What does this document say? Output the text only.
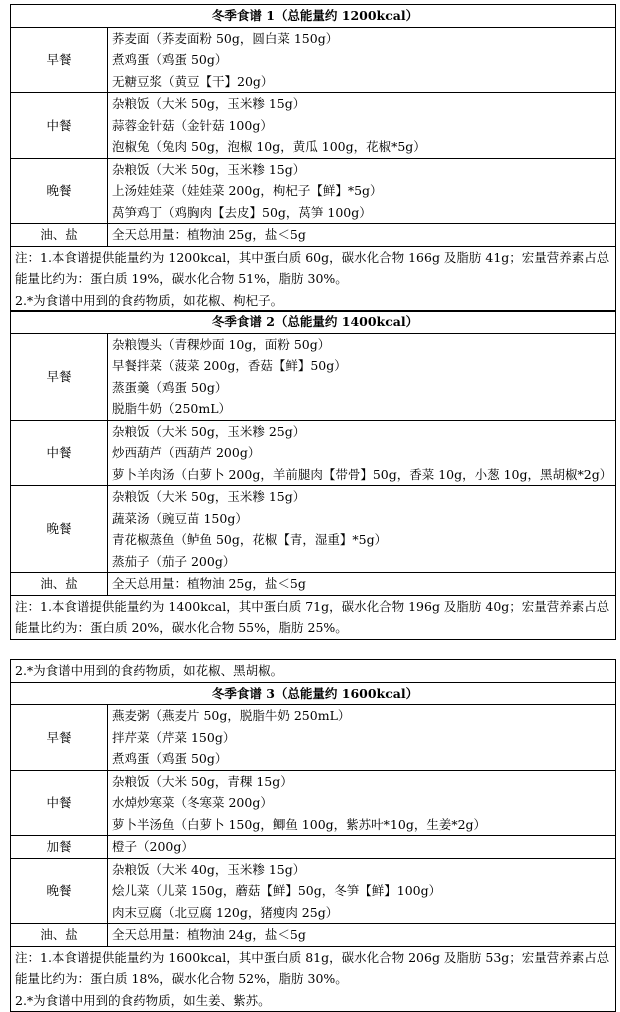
冬季食谱 1（总能量约 1200kcal）	
早餐	荞麦面（荞麦面粉 50g，圆白菜 150g）
煮鸡蛋（鸡蛋 50g）
无糖豆浆（黄豆【干】20g）

中餐	杂粮饭（大米 50g，玉米糁 15g）
蒜蓉金针菇（金针菇 100g）
泡椒兔（兔肉 50g，泡椒 10g，黄瓜 100g，花椒*5g）

晚餐	杂粮饭（大米 50g，玉米糁 15g）
上汤娃娃菜（娃娃菜 200g，枸杞子【鲜】*5g）
莴笋鸡丁（鸡胸肉【去皮】50g，莴笋 100g）

油、盐	全天总用量：植物油 25g，盐＜5g

注：1.本食谱提供能量约为 1200kcal，其中蛋白质 60g，碳水化合物 166g 及脂肪 41g；宏量营养素占总能量比约为：蛋白质 19%，碳水化合物 51%，脂肪 30%。
2.*为食谱中用到的食药物质，如花椒、枸杞子。	
冬季食谱 2（总能量约 1400kcal）	
早餐	杂粮馒头（青稞炒面 10g，面粉 50g）
早餐拌菜（菠菜 200g，香菇【鲜】50g）
蒸蛋羹（鸡蛋 50g）
脱脂牛奶（250mL）

中餐	杂粮饭（大米 50g，玉米糁 25g）
炒西葫芦（西葫芦 200g）
萝卜羊肉汤（白萝卜 200g，羊前腿肉【带骨】50g，香菜 10g，小葱 10g，黑胡椒*2g）

晚餐	杂粮饭（大米 50g，玉米糁 15g）
蔬菜汤（豌豆苗 150g）
青花椒蒸鱼（鲈鱼 50g，花椒【青，湿重】*5g）
蒸茄子（茄子 200g）

油、盐	全天总用量：植物油 25g，盐＜5g

注：1.本食谱提供能量约为 1400kcal，其中蛋白质 71g，碳水化合物 196g 及脂肪 40g；宏量营养素占总能量比约为：蛋白质 20%，碳水化合物 55%，脂肪 25%。	
2.*为食谱中用到的食药物质，如花椒、黑胡椒。	

冬季食谱 3（总能量约 1600kcal）	
早餐	燕麦粥（燕麦片 50g，脱脂牛奶 250mL）
拌芹菜（芹菜 150g）
煮鸡蛋（鸡蛋 50g）

中餐	杂粮饭（大米 50g，青稞 15g）
水焯炒寒菜（冬寒菜 200g）
萝卜半汤鱼（白萝卜 150g，鲫鱼 100g，紫苏叶*10g，生姜*2g）

加餐	橙子（200g）

晚餐	杂粮饭（大米 40g，玉米糁 15g）
烩儿菜（儿菜 150g，蘑菇【鲜】50g，冬笋【鲜】100g）
肉末豆腐（北豆腐 120g，猪瘦肉 25g）

油、盐	全天总用量：植物油 24g，盐＜5g

注：1.本食谱提供能量约为 1600kcal，其中蛋白质 81g，碳水化合物 206g 及脂肪 53g；宏量营养素占总能量比约为：蛋白质 18%，碳水化合物 52%，脂肪 30%。
2.*为食谱中用到的食药物质，如生姜、紫苏。	
